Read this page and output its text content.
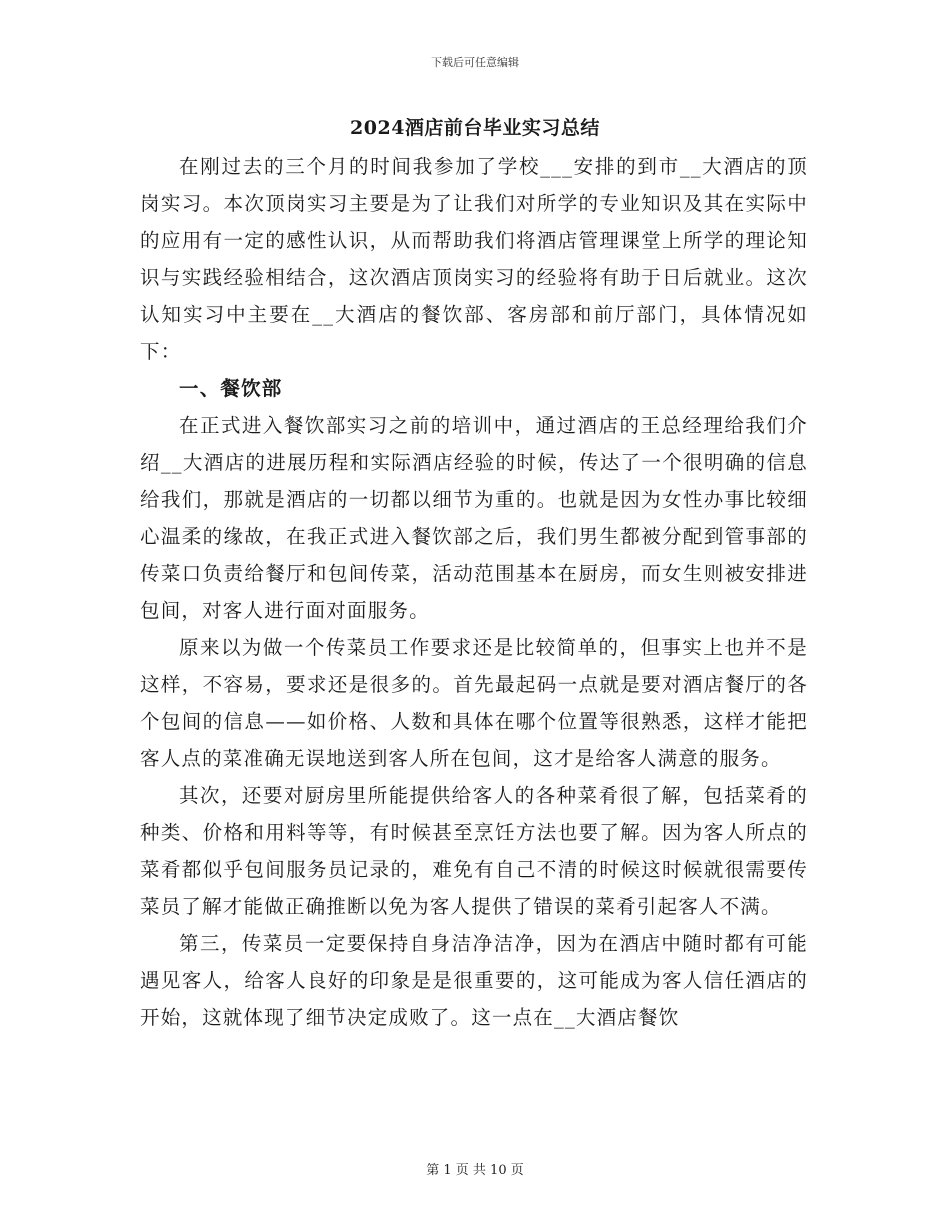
下载后可任意编辑
2024酒店前台毕业实习总结

在刚过去的三个月的时间我参加了学校___安排的到市__大酒店的顶岗实习。本次顶岗实习主要是为了让我们对所学的专业知识及其在实际中的应用有一定的感性认识，从而帮助我们将酒店管理课堂上所学的理论知识与实践经验相结合，这次酒店顶岗实习的经验将有助于日后就业。这次认知实习中主要在__大酒店的餐饮部、客房部和前厅部门，具体情况如下：

一、餐饮部

在正式进入餐饮部实习之前的培训中，通过酒店的王总经理给我们介绍__大酒店的进展历程和实际酒店经验的时候，传达了一个很明确的信息给我们，那就是酒店的一切都以细节为重的。也就是因为女性办事比较细心温柔的缘故，在我正式进入餐饮部之后，我们男生都被分配到管事部的传菜口负责给餐厅和包间传菜，活动范围基本在厨房，而女生则被安排进包间，对客人进行面对面服务。

原来以为做一个传菜员工作要求还是比较简单的，但事实上也并不是这样，不容易，要求还是很多的。首先最起码一点就是要对酒店餐厅的各个包间的信息——如价格、人数和具体在哪个位置等很熟悉，这样才能把客人点的菜准确无误地送到客人所在包间，这才是给客人满意的服务。

其次，还要对厨房里所能提供给客人的各种菜肴很了解，包括菜肴的种类、价格和用料等等，有时候甚至烹饪方法也要了解。因为客人所点的菜肴都似乎包间服务员记录的，难免有自己不清的时候这时候就很需要传菜员了解才能做正确推断以免为客人提供了错误的菜肴引起客人不满。

第三，传菜员一定要保持自身洁净洁净，因为在酒店中随时都有可能遇见客人，给客人良好的印象是是很重要的，这可能成为客人信任酒店的开始，这就体现了细节决定成败了。这一点在__大酒店餐饮

第 1 页 共 10 页
